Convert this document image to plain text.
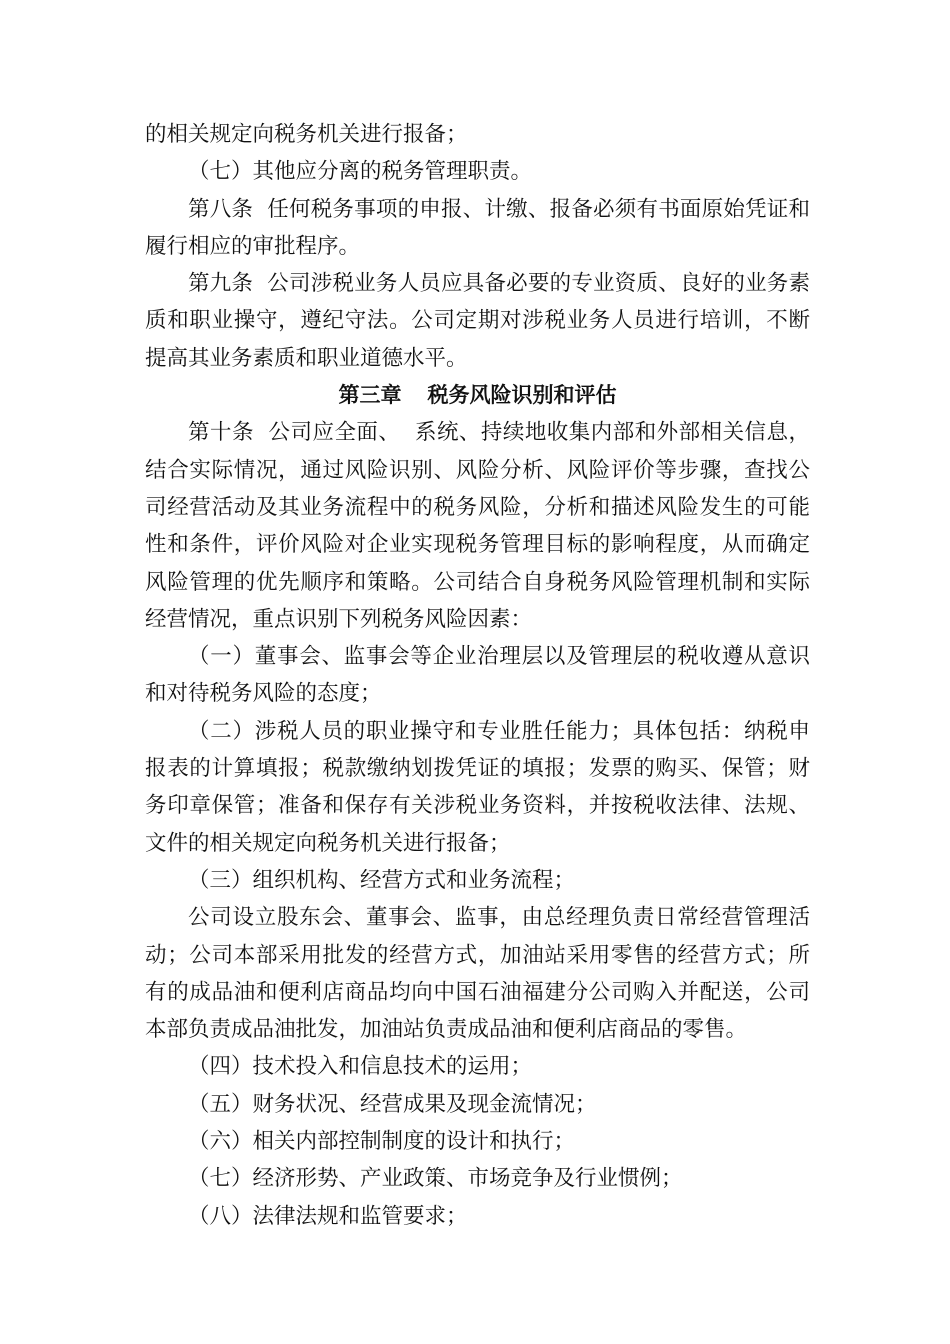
的相关规定向税务机关进行报备；

（七）其他应分离的税务管理职责。

第八条  任何税务事项的申报、计缴、报备必须有书面原始凭证和履行相应的审批程序。

第九条  公司涉税业务人员应具备必要的专业资质、良好的业务素质和职业操守，遵纪守法。公司定期对涉税业务人员进行培训，不断提高其业务素质和职业道德水平。

第三章 税务风险识别和评估

第十条  公司应全面、  系统、持续地收集内部和外部相关信息，结合实际情况，通过风险识别、风险分析、风险评价等步骤，查找公司经营活动及其业务流程中的税务风险，分析和描述风险发生的可能性和条件，评价风险对企业实现税务管理目标的影响程度，从而确定风险管理的优先顺序和策略。公司结合自身税务风险管理机制和实际经营情况，重点识别下列税务风险因素：

（一）董事会、监事会等企业治理层以及管理层的税收遵从意识和对待税务风险的态度；

（二）涉税人员的职业操守和专业胜任能力；具体包括：纳税申报表的计算填报；税款缴纳划拨凭证的填报；发票的购买、保管；财务印章保管；准备和保存有关涉税业务资料，并按税收法律、法规、文件的相关规定向税务机关进行报备；

（三）组织机构、经营方式和业务流程；

公司设立股东会、董事会、监事，由总经理负责日常经营管理活动；公司本部采用批发的经营方式，加油站采用零售的经营方式；所有的成品油和便利店商品均向中国石油福建分公司购入并配送，公司本部负责成品油批发，加油站负责成品油和便利店商品的零售。

（四）技术投入和信息技术的运用；

（五）财务状况、经营成果及现金流情况；

（六）相关内部控制制度的设计和执行；

（七）经济形势、产业政策、市场竞争及行业惯例；

（八）法律法规和监管要求；
